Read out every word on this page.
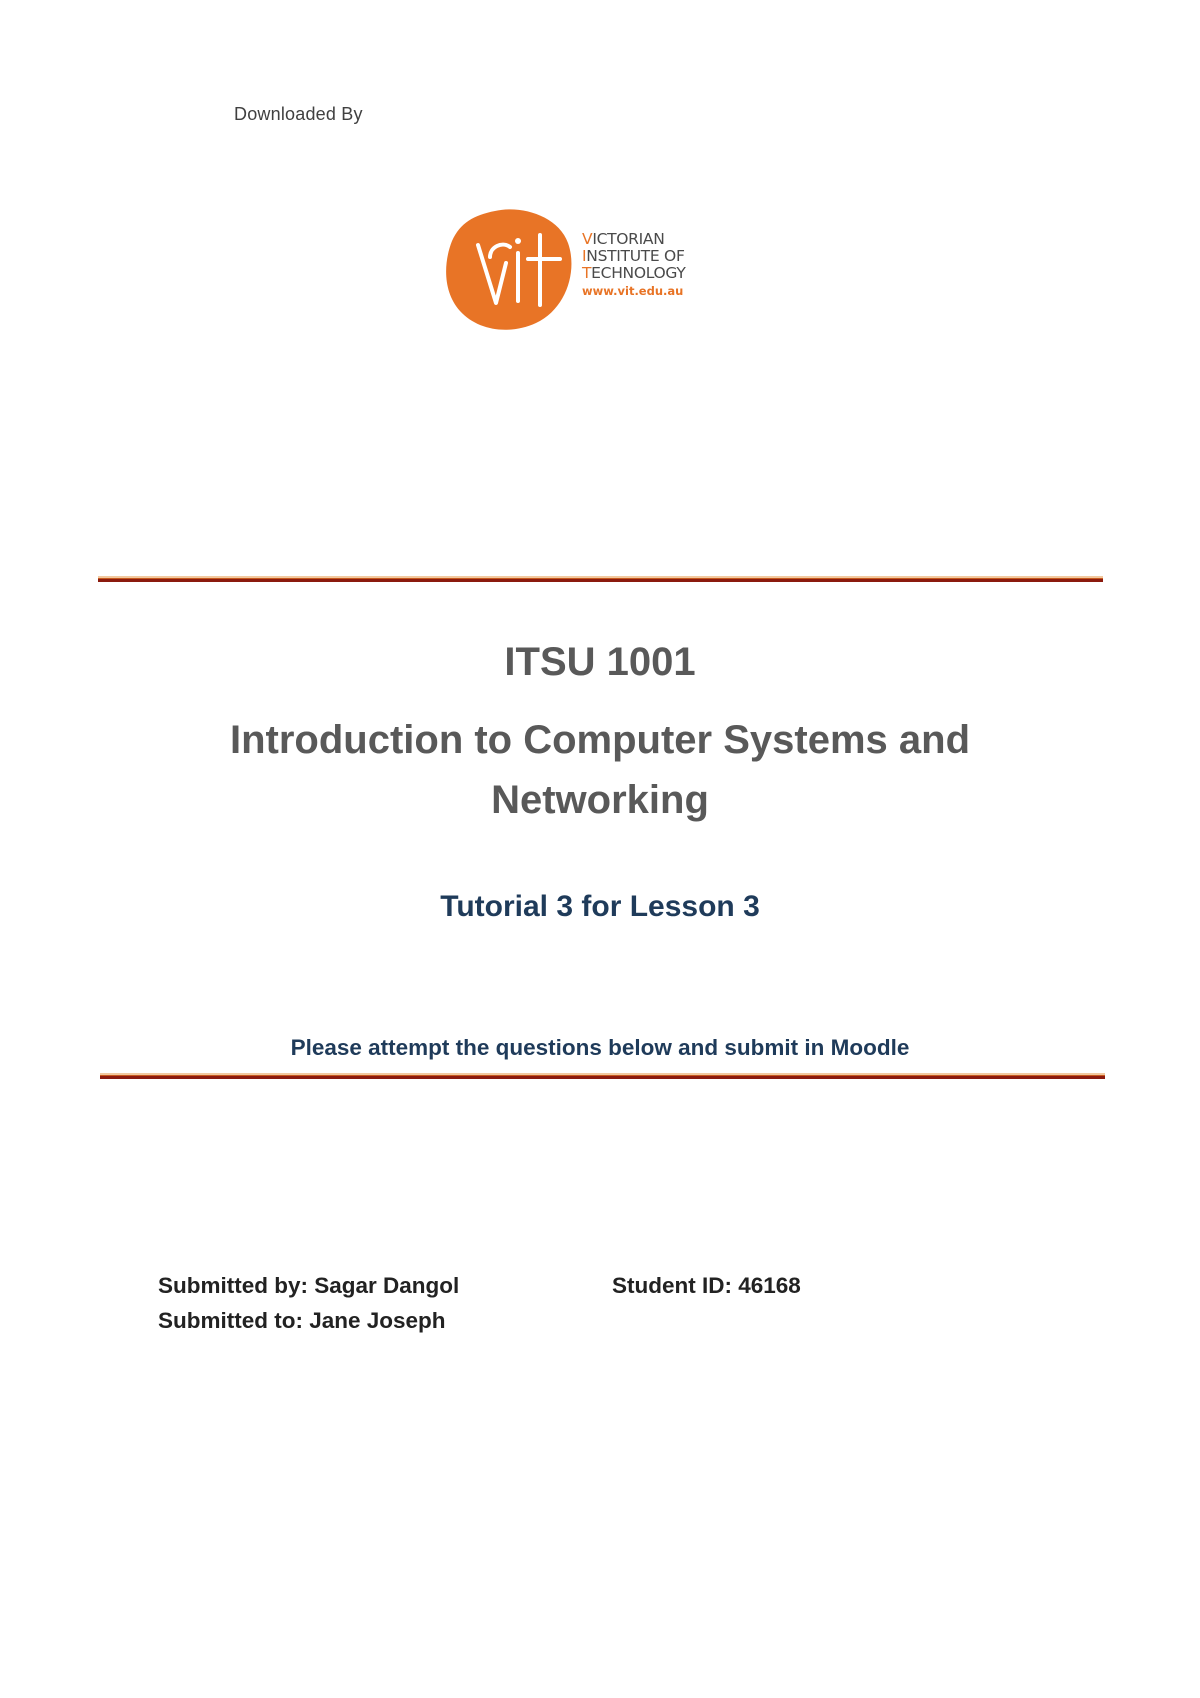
Downloaded By
VICTORIAN
INSTITUTE OF
TECHNOLOGY
www.vit.edu.au
ITSU 1001
Introduction to Computer Systems and
Networking
Tutorial 3 for Lesson 3
Please attempt the questions below and submit in Moodle
Submitted by: Sagar Dangol
Submitted to: Jane Joseph
Student ID: 46168
